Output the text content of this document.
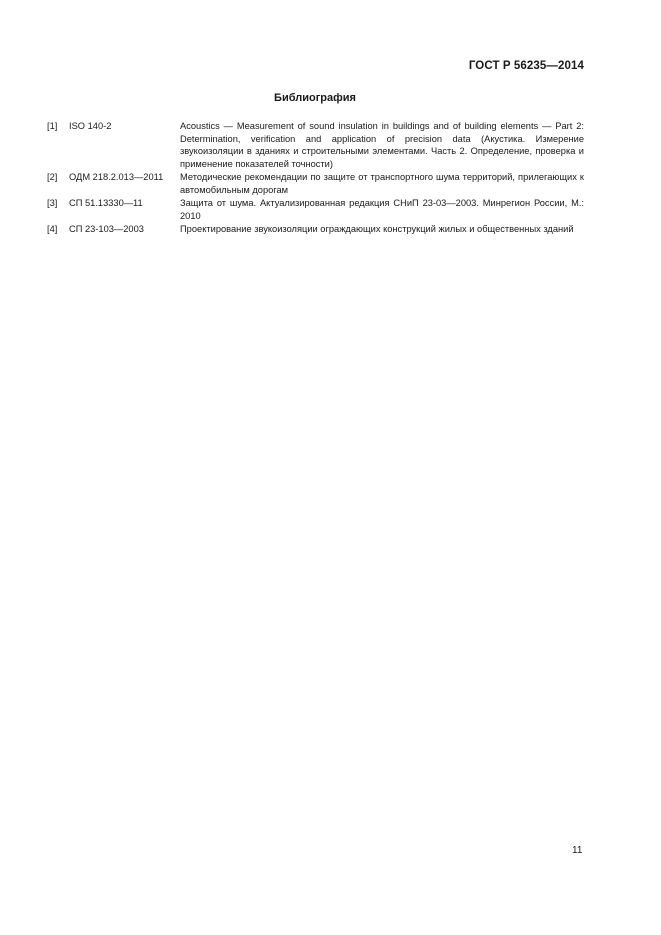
ГОСТ Р 56235—2014
Библиография
[1]	ISO 140-2	Acoustics — Measurement of sound insulation in buildings and of building elements — Part 2: Determination, verification and application of precision data (Акустика. Измерение звукоизоляции в зданиях и строительными элементами. Часть 2. Определение, проверка и применение показателей точности)
[2]	ОДМ 218.2.013—2011	Методические рекомендации по защите от транспортного шума территорий, прилегающих к автомобильным дорогам
[3]	СП 51.13330—11	Защита от шума. Актуализированная редакция СНиП 23-03—2003. Минрегион России, М.: 2010
[4]	СП 23-103—2003	Проектирование звукоизоляции ограждающих конструкций жилых и общественных зданий
11
